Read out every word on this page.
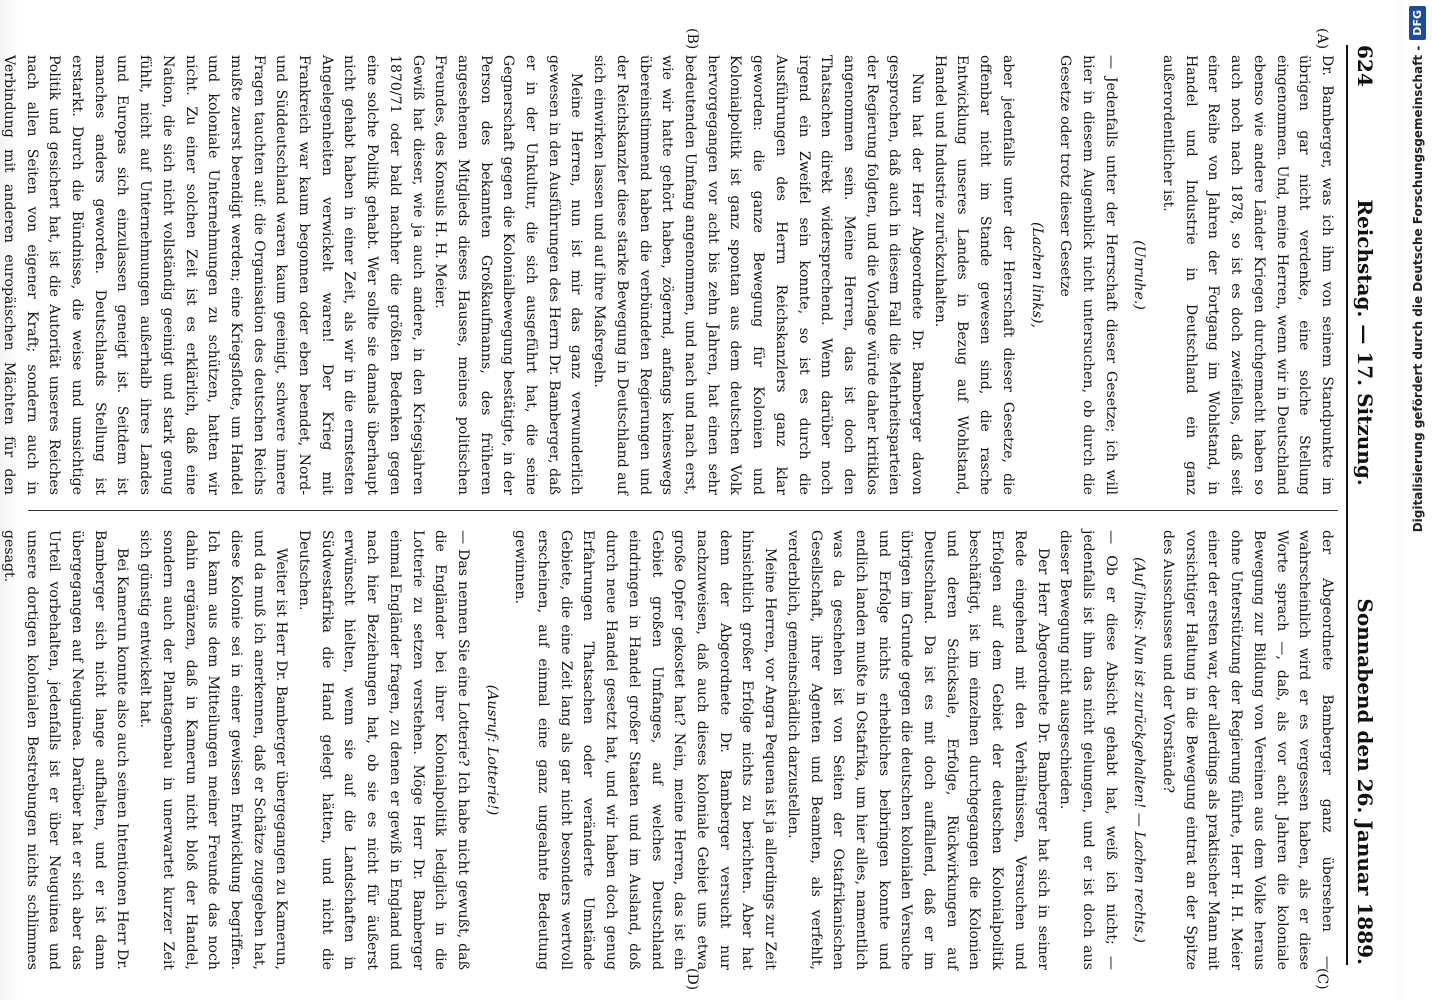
624
Reichstag. — 17. Sitzung.
Sonnabend den 26. Januar 1889.
(A)
(B)
(C)
(D)

Dr. Bamberger, was ich ihm von seinem Standpunkte im übrigen gar nicht verdenke, eine solche Stellung eingenommen. Und, meine Herren, wenn wir in Deutschland ebenso wie andere Länder Kriegen durchgemacht haben so auch noch nach 1878, so ist es doch zweifellos, daß seit einer Reihe von Jahren der Fortgang im Wohlstand, in Handel und Industrie in Deutschland ein ganz außerordentlicher ist.

(Unruhe.)

— Jedenfalls unter der Herrschaft dieser Gesetze; ich will hier in diesem Augenblick nicht untersuchen, ob durch die Gesetze oder trotz dieser Gesetze

(Lachen links),

aber jedenfalls unter der Herrschaft dieser Gesetze, die offenbar nicht im Stande gewesen sind, die rasche Entwicklung unseres Landes in Bezug auf Wohlstand, Handel und Industrie zurückzuhalten.

Nun hat der Herr Abgeordnete Dr. Bamberger davon gesprochen, daß auch in diesem Fall die Mehrheitsparteien der Regierung folgten, und die Vorlage würde daher kritiklos angenommen sein. Meine Herren, das ist doch den Thatsachen direkt widersprechend. Wenn darüber noch irgend ein Zweifel sein konnte, so ist es durch die Ausführungen des Herrn Reichskanzlers ganz klar geworden: die ganze Bewegung für Kolonien und Kolonialpolitik ist ganz spontan aus dem deutschen Volk hervorgegangen vor acht bis zehn Jahren, hat einen sehr bedeutenden Umfang angenommen, und nach und nach erst, wie wir hatte gehört haben, zögernd, anfangs keineswegs übereinstimmend haben die verbündeten Regierungen und der Reichskanzler diese starke Bewegung in Deutschland auf sich einwirken lassen und auf ihre Maßregeln.

Meine Herren, nun ist mir das ganz verwunderlich gewesen in den Ausführungen des Herrn Dr. Bamberger, daß er in der Unkultur, die sich ausgeführt hat, die seine Gegnerschaft gegen die Kolonialbewegung bestätigte, in der Person des bekannten Großkaufmanns, des früheren angesehenen Mitglieds dieses Hauses, meines politischen Freundes, des Konsuls H. H. Meier.

Gewiß hat dieser, wie ja auch andere, in den Kriegsjahren 1870/71 oder bald nachher die größten Bedenken gegen eine solche Politik gehabt. Wer sollte sie damals überhaupt nicht gehabt haben in einer Zeit, als wir in die ernstesten Angelegenheiten verwickelt waren! Der Krieg mit Frankreich war kaum begonnen oder eben beendet, Nord- und Süddeutschland waren kaum geeinigt, schwere innere Fragen tauchten auf: die Organisation des deutschen Reichs mußte zuerst beendigt werden; eine Kriegsflotte, um Handel und koloniale Unternehmungen zu schützen, hatten wir nicht. Zu einer solchen Zeit ist es erklärlich, daß eine Nation, die sich nicht vollständig geeinigt und stark genug fühlt, nicht auf Unternehmungen außerhalb ihres Landes und Europas sich einzulassen geneigt ist. Seitdem ist manches anders geworden. Deutschlands Stellung ist erstarkt. Durch die Bündnisse, die weise und umsichtige Politik und gesichert hat, ist die Autorität unseres Reiches nach allen Seiten von eigener Kraft; sondern auch in Verbindung mit anderen europäischen Mächten für den

der Abgeordnete Bamberger ganz übersehen — wahrscheinlich wird er es vergessen haben, als er diese Worte sprach —, daß, als vor acht Jahren die koloniale Bewegung zur Bildung von Vereinen aus dem Volke heraus ohne Unterstützung der Regierung führte, Herr H. H. Meier einer der ersten war, der allerdings als praktischer Mann mit vorsichtiger Haltung in die Bewegung eintrat an der Spitze des Ausschusses und der Vorstände?

(Auf links: Nun ist zurückgehalten! — Lachen rechts.)

— Ob er diese Absicht gehabt hat, weiß ich nicht; — jedenfalls ist ihm das nicht gelungen, und er ist doch aus dieser Bewegung nicht ausgeschieden.

Der Herr Abgeordnete Dr. Bamberger hat sich in seiner Rede eingehend mit den Verhältnissen, Versuchen und Erfolgen auf dem Gebiet der deutschen Kolonialpolitik beschäftigt, ist im einzelnen durchgegangen die Kolonien und deren Schicksale, Erfolge, Rückwirkungen auf Deutschland. Da ist es mit doch auffallend, daß er im übrigen im Grunde gegen die deutschen kolonialen Versuche und Erfolge nichts erhebliches beibringen konnte und endlich landen mußte in Ostafrika, um hier alles, namentlich was da geschehen ist von Seiten der Ostafrikanischen Gesellschaft, ihrer Agenten und Beamten, als verfehlt, verderblich, gemeinschädlich darzustellen.

Meine Herren, vor Angra Pequena ist ja allerdings zur Zeit hinsichtlich großer Erfolge nichts zu berichten. Aber hat denn der Abgeordnete Dr. Bamberger versucht nur nachzuweisen, daß auch dieses koloniale Gebiet uns etwa große Opfer gekostet hat? Nein, meine Herren, das ist ein Gebiet großen Umfanges, auf welches Deutschland eindringen in Handel großer Staaten und im Ausland, doß durch neue Handel gesetzt hat, und wir haben doch genug Erfahrungen Thatsachen oder veränderte Umstände Gebiete, die eine Zeit lang als gar nicht besonders wertvoll erscheinen, auf einmal eine ganz ungeahnte Bedeutung gewinnen.

(Ausruf: Lotterie!)

— Das nennen Sie eine Lotterie? Ich habe nicht gewußt, daß die Engländer bei ihrer Kolonialpolitik lediglich in die Lotterie zu setzen verstehen. Möge Herr Dr. Bamberger einmal Engländer fragen, zu denen er gewiß in England und nach hier Beziehungen hat, ob sie es nicht für äußerst erwünscht hielten, wenn sie auf die Landschaften in Südwestafrika die Hand gelegt hätten, und nicht die Deutschen.

Weiter ist Herr Dr. Bamberger übergegangen zu Kamerun, und da muß ich anerkennen, daß er Schätze zugegeben hat, diese Kolonie sei in einer gewissen Entwicklung begriffen. Ich kann aus dem Mitteilungen meiner Freunde das noch dahin ergänzen, daß in Kamerun nicht bloß der Handel, sondern auch der Plantagenbau in unerwartet kurzer Zeit sich günstig entwickelt hat.

Bei Kamerun konnte also auch seinen Intentionen Herr Dr. Bamberger sich nicht lange aufhalten, und er ist dann übergegangen auf Neuguinea. Darüber hat er sich aber das Urteil vorbehalten, jedenfalls ist er über Neuguinea und unsere dortigen kolonialen Bestrebungen nichts schlimmes gesagt.

Digitalisierung gefördert durch die Deutsche Forschungsgemeinschaft -
DFG
